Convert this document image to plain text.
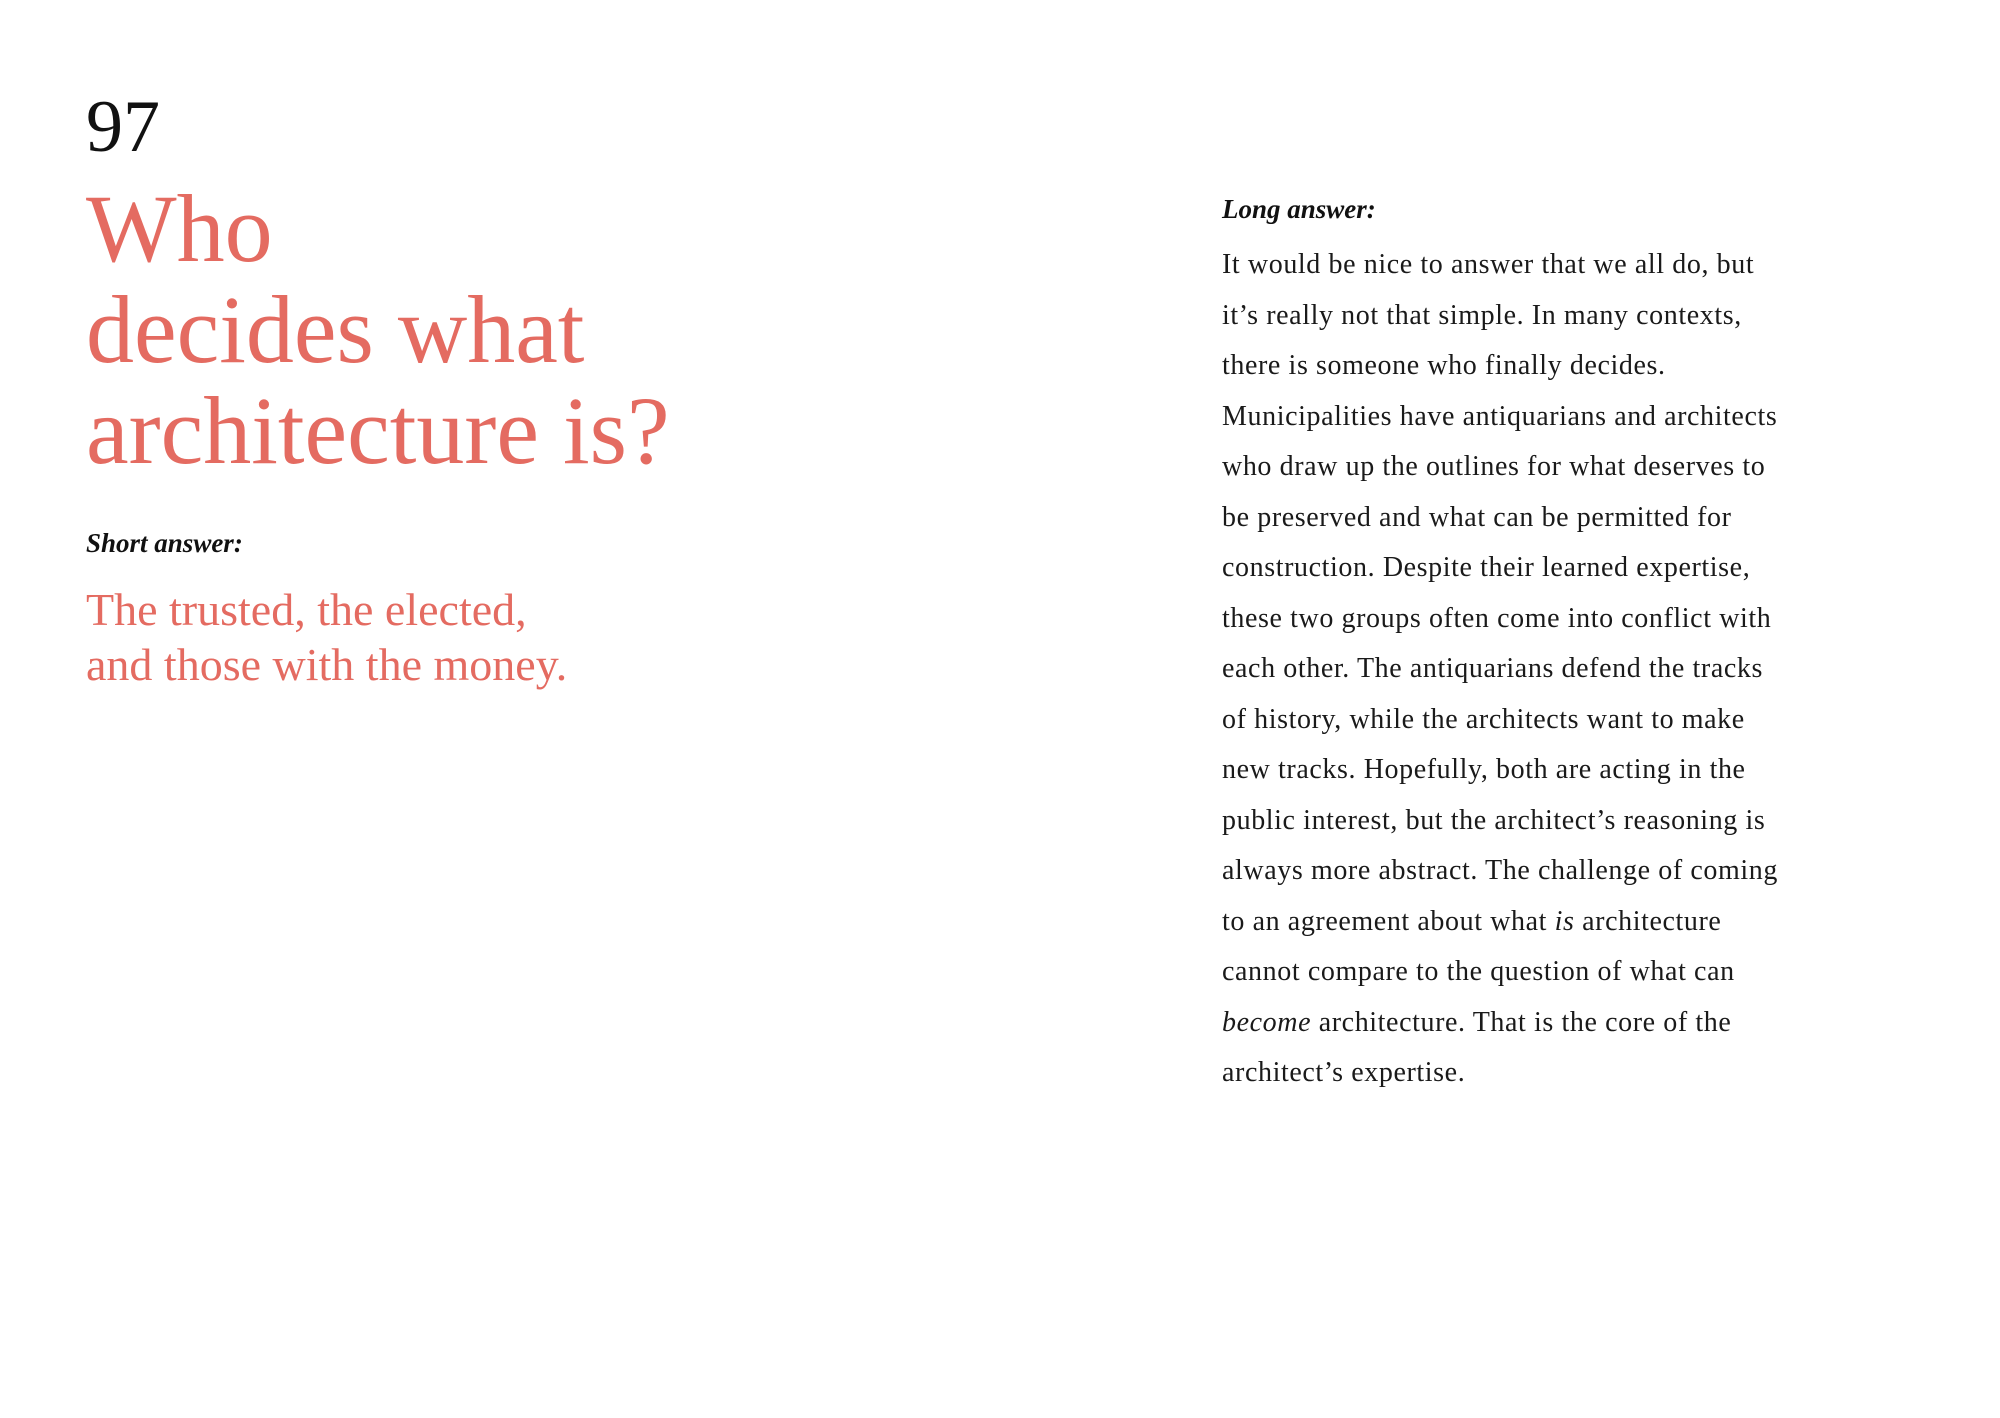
97
Who
decides what
architecture is?
Short answer:
The trusted, the elected,
and those with the money.
Long answer:
It would be nice to answer that we all do, but
it’s really not that simple. In many contexts,
there is someone who finally decides.
Municipalities have antiquarians and architects
who draw up the outlines for what deserves to
be preserved and what can be permitted for
construction. Despite their learned expertise,
these two groups often come into conflict with
each other. The antiquarians defend the tracks
of history, while the architects want to make
new tracks. Hopefully, both are acting in the
public interest, but the architect’s reasoning is
always more abstract. The challenge of coming
to an agreement about what is architecture
cannot compare to the question of what can
become architecture. That is the core of the
architect’s expertise.
